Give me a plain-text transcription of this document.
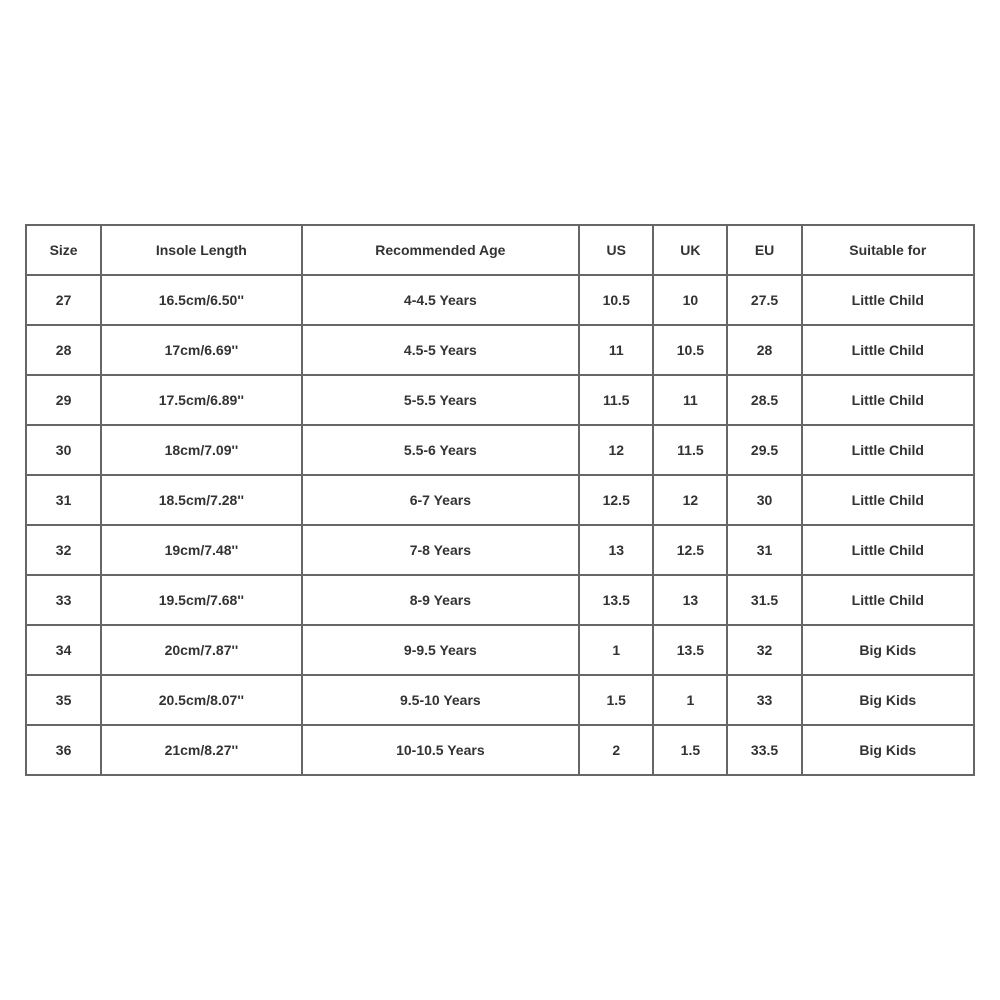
Size	Insole Length	Recommended Age	US	UK	EU	Suitable for
27	16.5cm/6.50''	4-4.5 Years	10.5	10	27.5	Little Child
28	17cm/6.69''	4.5-5 Years	11	10.5	28	Little Child
29	17.5cm/6.89''	5-5.5 Years	11.5	11	28.5	Little Child
30	18cm/7.09''	5.5-6 Years	12	11.5	29.5	Little Child
31	18.5cm/7.28''	6-7 Years	12.5	12	30	Little Child
32	19cm/7.48''	7-8 Years	13	12.5	31	Little Child
33	19.5cm/7.68''	8-9 Years	13.5	13	31.5	Little Child
34	20cm/7.87''	9-9.5 Years	1	13.5	32	Big Kids
35	20.5cm/8.07''	9.5-10 Years	1.5	1	33	Big Kids
36	21cm/8.27''	10-10.5 Years	2	1.5	33.5	Big Kids
